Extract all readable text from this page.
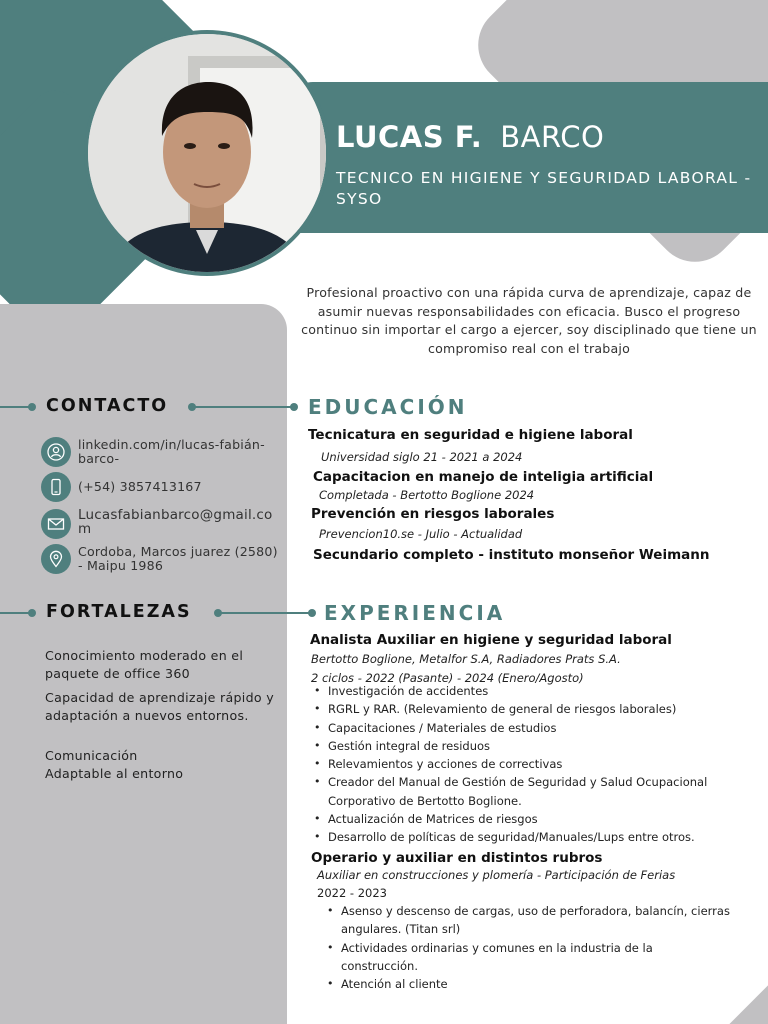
LUCAS F. BARCO
TECNICO EN HIGIENE Y SEGURIDAD LABORAL - SYSO
Profesional proactivo con una rápida curva de aprendizaje, capaz de asumir nuevas responsabilidades con eficacia. Busco el progreso continuo sin importar el cargo a ejercer, soy disciplinado que tiene un compromiso real con el trabajo
CONTACTO	EDUCACIÓN
linkedin.com/in/lucas-fabián-barco-
(+54) 3857413167
Lucasfabianbarco@gmail.com
Cordoba, Marcos juarez (2580) - Maipu 1986
FORTALEZAS	EXPERIENCIA
Conocimiento moderado en el paquete de office 360
Capacidad de aprendizaje rápido y adaptación a nuevos entornos.
Comunicación
Adaptable al entorno
Tecnicatura en seguridad e higiene laboral
Universidad siglo 21 - 2021 a 2024
Capacitacion en manejo de inteligia artificial
Completada - Bertotto Boglione 2024
Prevención en riesgos laborales
Prevencion10.se - Julio - Actualidad
Secundario completo - instituto monseñor Weimann
Analista Auxiliar en higiene y seguridad laboral
Bertotto Boglione, Metalfor S.A, Radiadores Prats S.A.
2 ciclos - 2022 (Pasante) - 2024 (Enero/Agosto)
• Investigación de accidentes
• RGRL y RAR. (Relevamiento de general de riesgos laborales)
• Capacitaciones / Materiales de estudios
• Gestión integral de residuos
• Relevamientos y acciones de correctivas
• Creador del Manual de Gestión de Seguridad y Salud Ocupacional
Corporativo de Bertotto Boglione.
• Actualización de Matrices de riesgos
• Desarrollo de políticas de seguridad/Manuales/Lups entre otros.
Operario y auxiliar en distintos rubros
Auxiliar en construcciones y plomería - Participación de Ferias
2022 - 2023
• Asenso y descenso de cargas, uso de perforadora, balancín, cierras
angulares. (Titan srl)
• Actividades ordinarias y comunes en la industria de la
construcción.
• Atención al cliente
